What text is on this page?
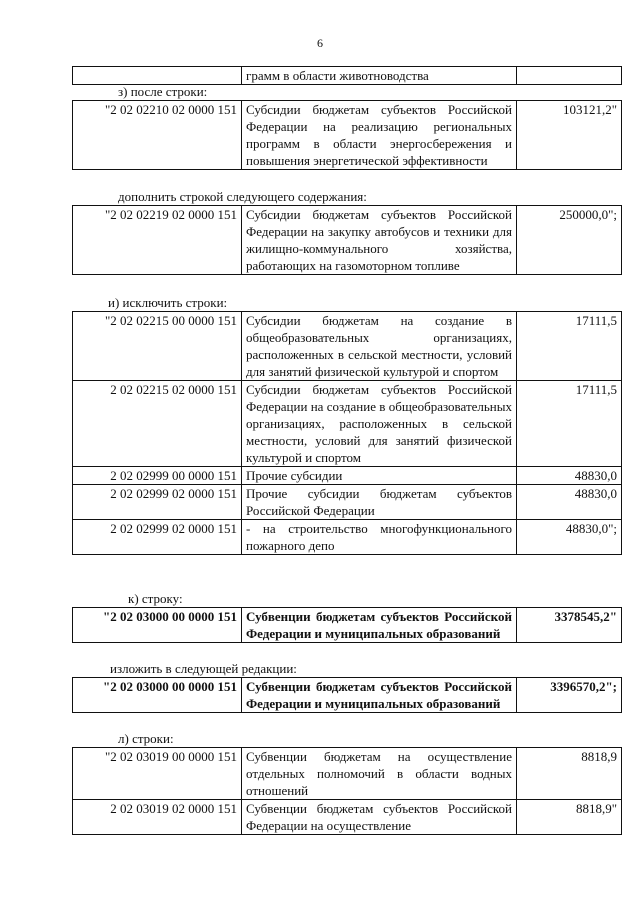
6
	грамм в области животноводства	
з) после строки:
"2 02 02210 02 0000 151	Субсидии бюджетам субъектов Российской Федерации на реализацию региональных программ в области энергосбережения и повышения энергетической эффективности	103121,2"
дополнить строкой следующего содержания:
"2 02 02219 02 0000 151	Субсидии бюджетам субъектов Российской Федерации на закупку автобусов и техники для жилищно-коммунального хозяйства, работающих на газомоторном топливе	250000,0";
и) исключить строки:
"2 02 02215 00 0000 151	Субсидии бюджетам на создание в общеобразовательных организациях, расположенных в сельской местности, условий для занятий физической культурой и спортом	17111,5
2 02 02215 02 0000 151	Субсидии бюджетам субъектов Российской Федерации на создание в общеобразовательных организациях, расположенных в сельской местности, условий для занятий физической культурой и спортом	17111,5
2 02 02999 00 0000 151	Прочие субсидии	48830,0
2 02 02999 02 0000 151	Прочие субсидии бюджетам субъектов Российской Федерации	48830,0
2 02 02999 02 0000 151	- на строительство многофункционального пожарного депо	48830,0";
к) строку:
"2 02 03000 00 0000 151	Субвенции бюджетам субъектов Российской Федерации и муниципальных образований	3378545,2"
изложить в следующей редакции:
"2 02 03000 00 0000 151	Субвенции бюджетам субъектов Российской Федерации и муниципальных образований	3396570,2";
л) строки:
"2 02 03019 00 0000 151	Субвенции бюджетам на осуществление отдельных полномочий в области водных отношений	8818,9
2 02 03019 02 0000 151	Субвенции бюджетам субъектов Российской Федерации на осуществление	8818,9"
